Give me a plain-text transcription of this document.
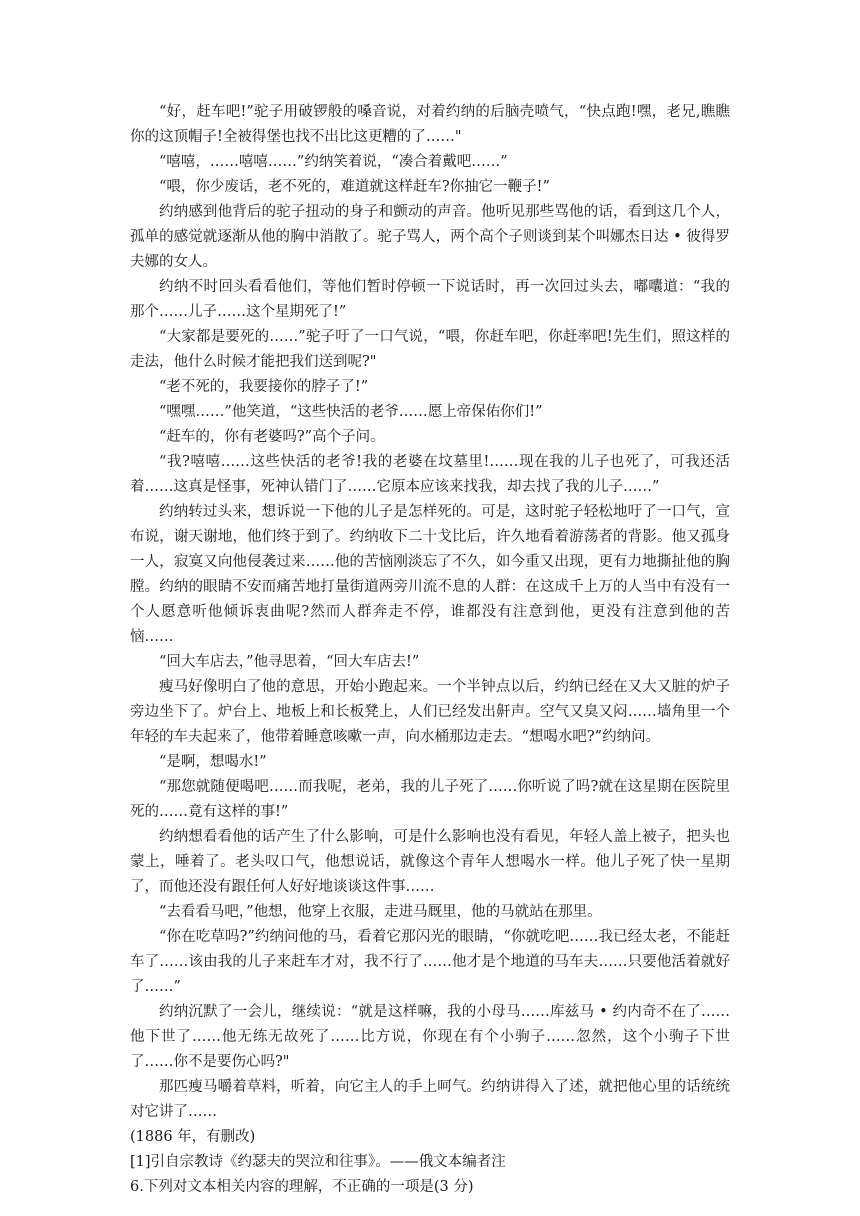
“好，赶车吧!”驼子用破锣般的嗓音说，对着约纳的后脑壳喷气，“快点跑!嘿，老兄,瞧瞧你的这顶帽子!全被得堡也找不出比这更糟的了……"

“嘻嘻，……嘻嘻……”约纳笑着说，“凑合着戴吧……”

“喂，你少废话，老不死的，难道就这样赶车?你抽它一鞭子!”

约纳感到他背后的驼子扭动的身子和颤动的声音。他听见那些骂他的话，看到这几个人，孤单的感觉就逐渐从他的胸中消散了。驼子骂人，两个高个子则谈到某个叫娜杰日达 • 彼得罗夫娜的女人。

约纳不时回头看看他们，等他们暂时停顿一下说话时，再一次回过头去，嘟囔道：“我的那个……儿子……这个星期死了!”

“大家都是要死的……”驼子吁了一口气说，“喂，你赶车吧，你赶率吧!先生们，照这样的走法，他什么时候才能把我们送到呢?"

“老不死的，我要接你的脖子了!”

“嘿嘿……”他笑道，“这些快活的老爷……愿上帝保佑你们!”

“赶车的，你有老婆吗?”高个子问。

“我?嘻嘻……这些快活的老爷!我的老婆在坟墓里!……现在我的儿子也死了，可我还活着……这真是怪事，死神认错门了……它原本应该来找我，却去找了我的儿子……”

约纳转过头来，想诉说一下他的儿子是怎样死的。可是，这时驼子轻松地吁了一口气，宣布说，谢天谢地，他们终于到了。约纳收下二十戈比后，许久地看着游荡者的背影。他又孤身一人，寂寞又向他侵袭过来……他的苦恼刚淡忘了不久，如今重又出现，更有力地撕扯他的胸膛。约纳的眼睛不安而痛苦地打量街道两旁川流不息的人群：在这成千上万的人当中有没有一个人愿意听他倾诉衷曲呢?然而人群奔走不停，谁都没有注意到他，更没有注意到他的苦恼……

“回大车店去，”他寻思着，“回大车店去!”

瘦马好像明白了他的意思，开始小跑起来。一个半钟点以后，约纳已经在又大又脏的炉子旁边坐下了。炉台上、地板上和长板凳上，人们已经发出鼾声。空气又臭又闷……墙角里一个年轻的车夫起来了，他带着睡意咳嗽一声，向水桶那边走去。“想喝水吧?”约纳问。

“是啊，想喝水!”

“那您就随便喝吧……而我呢，老弟，我的儿子死了……你听说了吗?就在这星期在医院里死的……竟有这样的事!”

约纳想看看他的话产生了什么影响，可是什么影响也没有看见，年轻人盖上被子，把头也蒙上，唾着了。老头叹口气，他想说话，就像这个青年人想喝水一样。他儿子死了快一星期了，而他还没有跟任何人好好地谈谈这件事……

“去看看马吧，”他想，他穿上衣服，走进马厩里，他的马就站在那里。

“你在吃草吗?”约纳问他的马，看着它那闪光的眼睛，“你就吃吧……我已经太老，不能赶车了……该由我的儿子来赶车才对，我不行了……他才是个地道的马车夫……只要他活着就好了……”

约纳沉默了一会儿，继续说：“就是这样嘛，我的小母马……库兹马 • 约内奇不在了……他下世了……他无练无故死了……比方说，你现在有个小驹子……忽然，这个小驹子下世了……你不是要伤心吗?"

那匹瘦马嚼着草料，听着，向它主人的手上呵气。约纳讲得入了述，就把他心里的话统统对它讲了……

(1886 年，有删改)

[1]引自宗教诗《约瑟夫的哭泣和往事》。——俄文本编者注

6.下列对文本相关内容的理解，不正确的一项是(3 分)
